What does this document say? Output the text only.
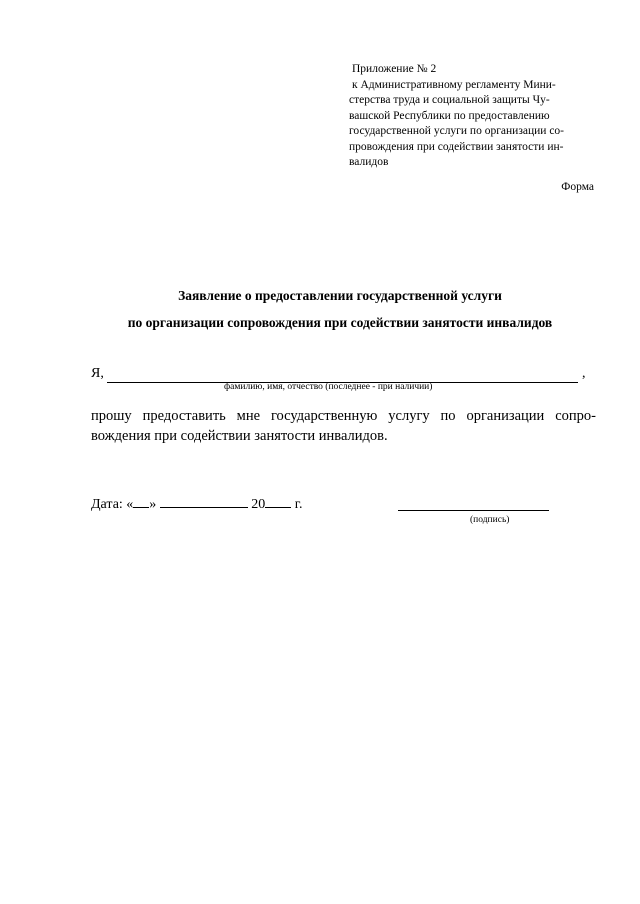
Приложение № 2
к Административному регламенту Мини-
стерства труда и социальной защиты Чу-
вашской Республики по предоставлению
государственной услуги по организации со-
провождения при содействии занятости ин-
валидов
Форма
Заявление о предоставлении государственной услуги
по организации сопровождения при содействии занятости инвалидов
Я,	,
фамилию, имя, отчество (последнее - при наличии)
прошу предоставить мне государственную услугу по организации сопро-
вождения при содействии занятости инвалидов.
Дата: « »	20 г.
(подпись)
